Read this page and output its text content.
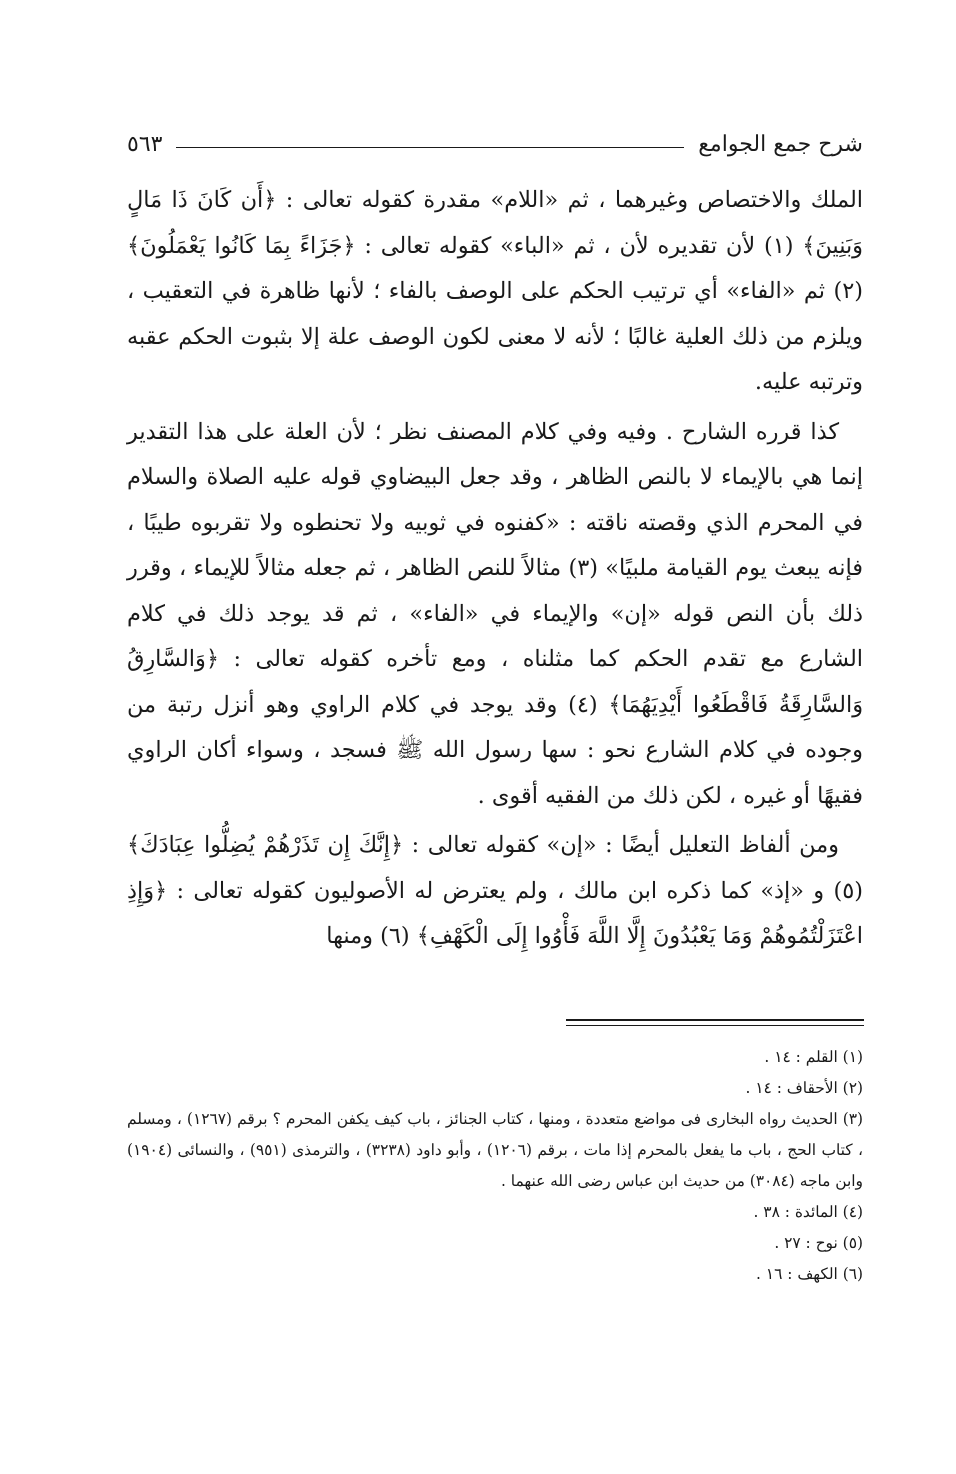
شرح جمع الجوامع
٥٦٣

الملك والاختصاص وغيرهما ، ثم «اللام» مقدرة كقوله تعالى : ﴿أَن كَانَ ذَا مَالٍ وَبَنِينَ﴾ (١) لأن تقديره لأن ، ثم «الباء» كقوله تعالى : ﴿جَزَاءً بِمَا كَانُوا يَعْمَلُونَ﴾ (٢) ثم «الفاء» أي ترتيب الحكم على الوصف بالفاء ؛ لأنها ظاهرة في التعقيب ، ويلزم من ذلك العلية غالبًا ؛ لأنه لا معنى لكون الوصف علة إلا بثبوت الحكم عقبه وترتبه عليه.

كذا قرره الشارح . وفيه وفي كلام المصنف نظر ؛ لأن العلة على هذا التقدير إنما هي بالإيماء لا بالنص الظاهر ، وقد جعل البيضاوي قوله عليه الصلاة والسلام في المحرم الذي وقصته ناقته : «كفنوه في ثوبيه ولا تحنطوه ولا تقربوه طيبًا ، فإنه يبعث يوم القيامة ملبيًا» (٣) مثالاً للنص الظاهر ، ثم جعله مثالاً للإيماء ، وقرر ذلك بأن النص قوله «إن» والإيماء في «الفاء» ، ثم قد يوجد ذلك في كلام الشارع مع تقدم الحكم كما مثلناه ، ومع تأخره كقوله تعالى : ﴿وَالسَّارِقُ وَالسَّارِقَةُ فَاقْطَعُوا أَيْدِيَهُمَا﴾ (٤) وقد يوجد في كلام الراوي وهو أنزل رتبة من وجوده في كلام الشارع نحو : سها رسول الله ﷺ فسجد ، وسواء أكان الراوي فقيهًا أو غيره ، لكن ذلك من الفقيه أقوى .

ومن ألفاظ التعليل أيضًا : «إن» كقوله تعالى : ﴿إِنَّكَ إِن تَذَرْهُمْ يُضِلُّوا عِبَادَكَ﴾ (٥) و «إذ» كما ذكره ابن مالك ، ولم يعترض له الأصوليون كقوله تعالى : ﴿وَإِذِ اعْتَزَلْتُمُوهُمْ وَمَا يَعْبُدُونَ إِلَّا اللَّهَ فَأْوُوا إِلَى الْكَهْفِ﴾ (٦) ومنها

(١) القلم : ١٤ .

(٢) الأحقاف : ١٤ .

(٣) الحديث رواه البخارى فى مواضع متعددة ، ومنها ، كتاب الجنائز ، باب كيف يكفن المحرم ؟ برقم (١٢٦٧) ، ومسلم ، كتاب الحج ، باب ما يفعل بالمحرم إذا مات ، برقم (١٢٠٦) ، وأبو داود (٣٢٣٨) ، والترمذى (٩٥١) ، والنسائى (١٩٠٤) وابن ماجه (٣٠٨٤) من حديث ابن عباس رضى الله عنهما .

(٤) المائدة : ٣٨ .

(٥) نوح : ٢٧ .

(٦) الكهف : ١٦ .
